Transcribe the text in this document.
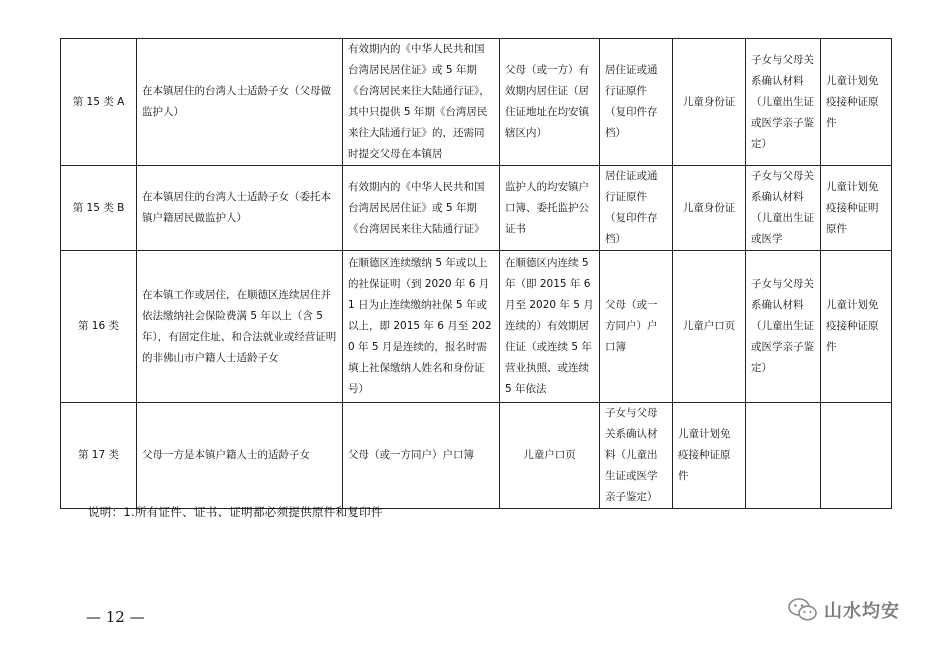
第 15 类 A	在本镇居住的台湾人士适龄子女（父母做监护人）	有效期内的《中华人民共和国台湾居民居住证》或 5 年期《台湾居民来往大陆通行证》，其中只提供 5 年期《台湾居民来往大陆通行证》的，还需同时提交父母在本镇居	父母（或一方）有效期内居住证（居住证地址在均安镇辖区内）	居住证或通行证原件（复印件存档）	儿童身份证	子女与父母关系确认材料（儿童出生证或医学亲子鉴定）	儿童计划免疫接种证原件
第 15 类 B	在本镇居住的台湾人士适龄子女（委托本镇户籍居民做监护人）	有效期内的《中华人民共和国台湾居民居住证》或 5 年期《台湾居民来往大陆通行证》	监护人的均安镇户口簿、委托监护公证书	居住证或通行证原件（复印件存档）	儿童身份证	子女与父母关系确认材料（儿童出生证或医学	儿童计划免疫接种证明原件
第 16 类	在本镇工作或居住，在顺德区连续居住并依法缴纳社会保险费满 5 年以上（含 5 年），有固定住址、和合法就业或经营证明的非佛山市户籍人士适龄子女	在顺德区连续缴纳 5 年或以上的社保证明（到 2020 年 6 月 1 日为止连续缴纳社保 5 年或以上，即 2015 年 6 月至 2020 年 5 月是连续的，报名时需填上社保缴纳人姓名和身份证号）	在顺德区内连续 5 年（即 2015 年 6 月至 2020 年 5 月连续的）有效期居住证（或连续 5 年营业执照、或连续 5 年依法	父母（或一方同户）户口簿	儿童户口页	子女与父母关系确认材料（儿童出生证或医学亲子鉴定）	儿童计划免疫接种证原件
第 17 类	父母一方是本镇户籍人士的适龄子女	父母（或一方同户）户口簿	儿童户口页	子女与父母关系确认材料（儿童出生证或医学亲子鉴定）	儿童计划免疫接种证原件		
说明：1.所有证件、证书、证明都必须提供原件和复印件
— 12 —	山水均安
